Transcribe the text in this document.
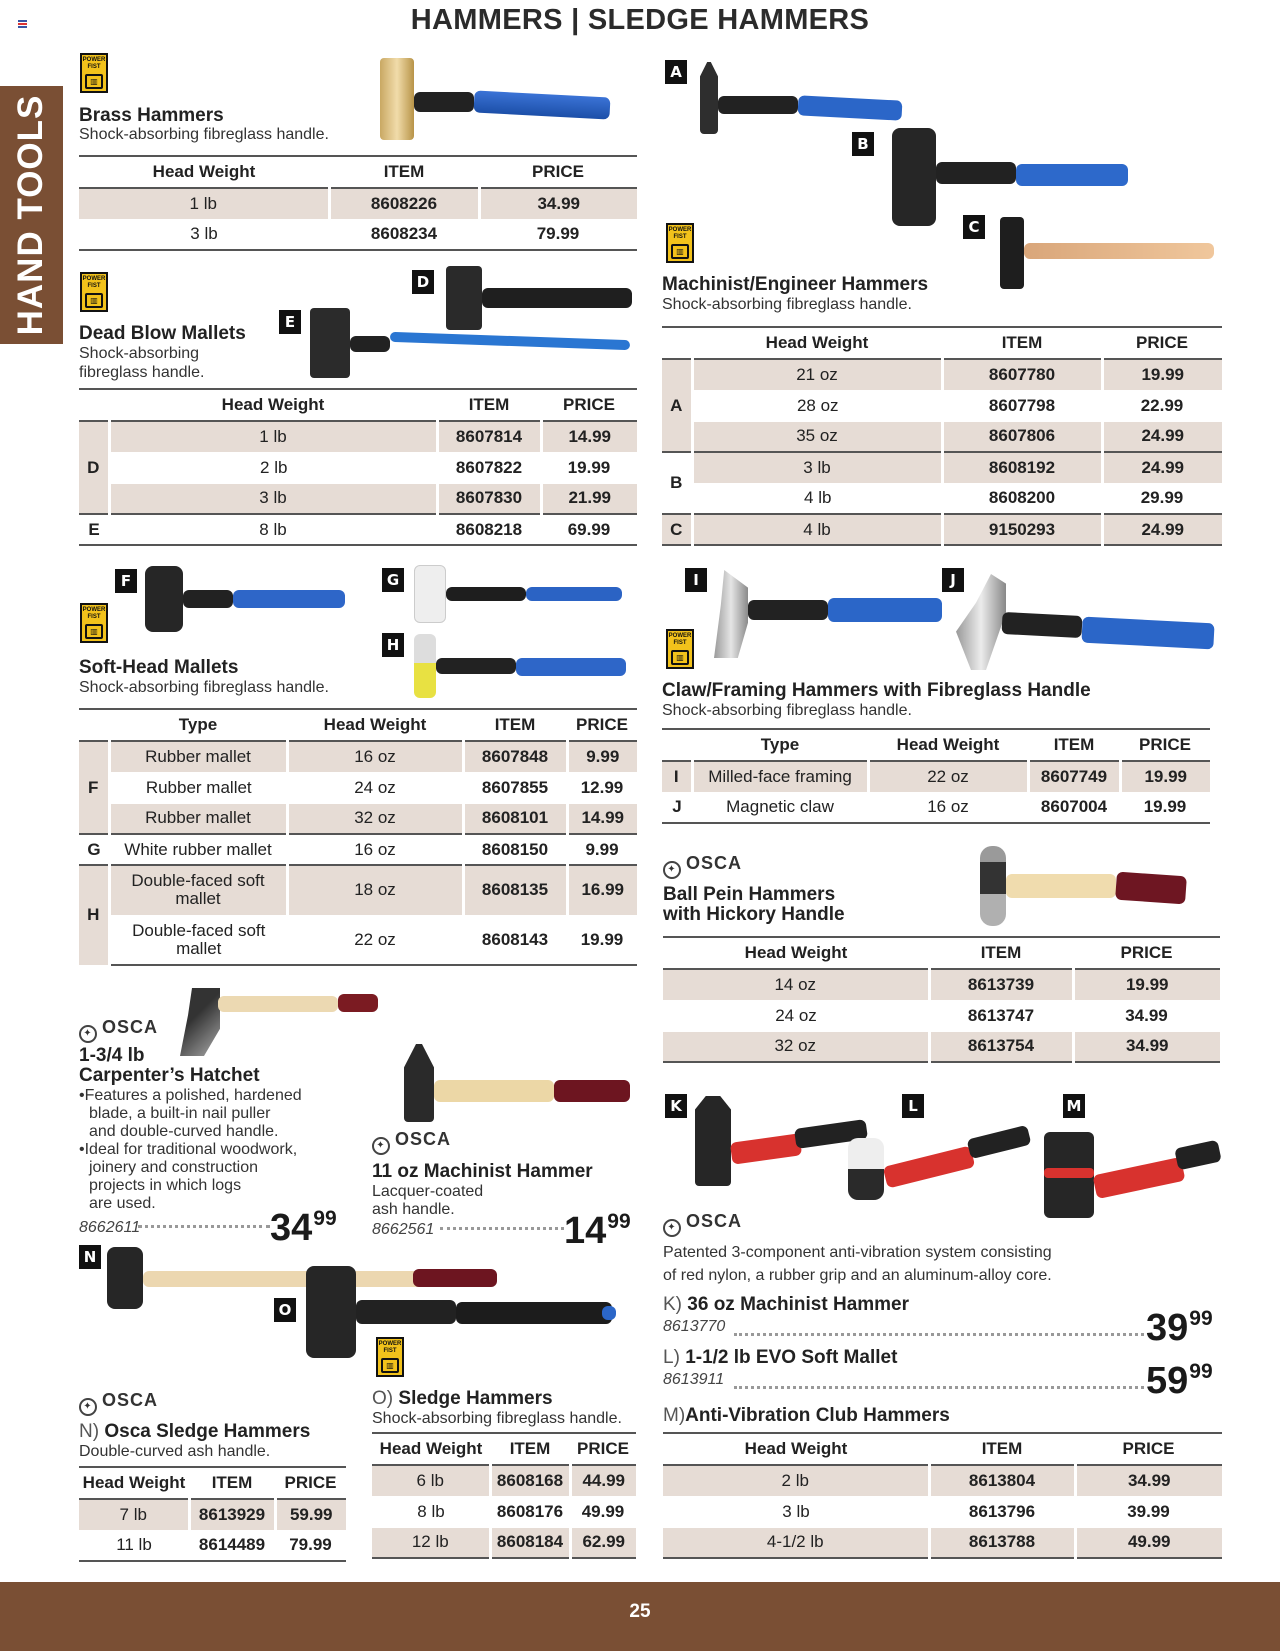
HAMMERS | SLEDGE HAMMERS
HAND TOOLS
POWER
FIST
▥
Brass Hammers
Shock-absorbing fibreglass handle.
Head Weight	ITEM	PRICE
1 lb	8608226	34.99
3 lb	8608234	79.99
POWER
FIST
▥
D
E
Dead Blow Mallets
Shock-absorbing
fibreglass handle.
	Head Weight	ITEM	PRICE
D	1 lb	8607814	14.99
	2 lb	8607822	19.99
	3 lb	8607830	21.99
E	8 lb	8608218	69.99
F	G
H
POWER
FIST
▥
Soft-Head Mallets
Shock-absorbing fibreglass handle.
	Type	Head Weight	ITEM	PRICE
F	Rubber mallet	16 oz	8607848	9.99
	Rubber mallet	24 oz	8607855	12.99
	Rubber mallet	32 oz	8608101	14.99
G	White rubber mallet	16 oz	8608150	9.99
H	Double-faced soft mallet	18 oz	8608135	16.99
	Double-faced soft mallet	22 oz	8608143	19.99
✦ OSCA
1-3/4 lb
Carpenter’s Hatchet
•Features a polished, hardened
blade, a built-in nail puller
and double-curved handle.
•Ideal for traditional woodwork,
joinery and construction
projects in which logs
are used.
8662611	$34^{99}$
✦ OSCA
11 oz Machinist Hammer
Lacquer-coated
ash handle.
8662561	$14^{99}$
A
B
C
POWER
FIST
▥
Machinist/Engineer Hammers
Shock-absorbing fibreglass handle.
	Head Weight	ITEM	PRICE
A	21 oz	8607780	19.99
	28 oz	8607798	22.99
	35 oz	8607806	24.99
B	3 lb	8608192	24.99
	4 lb	8608200	29.99
C	4 lb	9150293	24.99
I	J
POWER
FIST
▥
Claw/Framing Hammers with Fibreglass Handle
Shock-absorbing fibreglass handle.
	Type	Head Weight	ITEM	PRICE
I	Milled-face framing	22 oz	8607749	19.99
J	Magnetic claw	16 oz	8607004	19.99
✦ OSCA
Ball Pein Hammers
with Hickory Handle
Head Weight	ITEM	PRICE
14 oz	8613739	19.99
24 oz	8613747	34.99
32 oz	8613754	34.99
K	L	M
✦ OSCA
Patented 3-component anti-vibration system consisting
of red nylon, a rubber grip and an aluminum-alloy core.
K) 36 oz Machinist Hammer
8613770	$39^{99}$
L) 1-1/2 lb EVO Soft Mallet
8613911	$59^{99}$
M)Anti-Vibration Club Hammers
Head Weight	ITEM	PRICE
2 lb	8613804	34.99
3 lb	8613796	39.99
4-1/2 lb	8613788	49.99
N
O
✦ OSCA
N) Osca Sledge Hammers
Double-curved ash handle.
Head Weight	ITEM	PRICE
7 lb	8613929	59.99
11 lb	8614489	79.99
POWER
FIST
▥
O) Sledge Hammers
Shock-absorbing fibreglass handle.
Head Weight	ITEM	PRICE
6 lb	8608168	44.99
8 lb	8608176	49.99
12 lb	8608184	62.99
25
